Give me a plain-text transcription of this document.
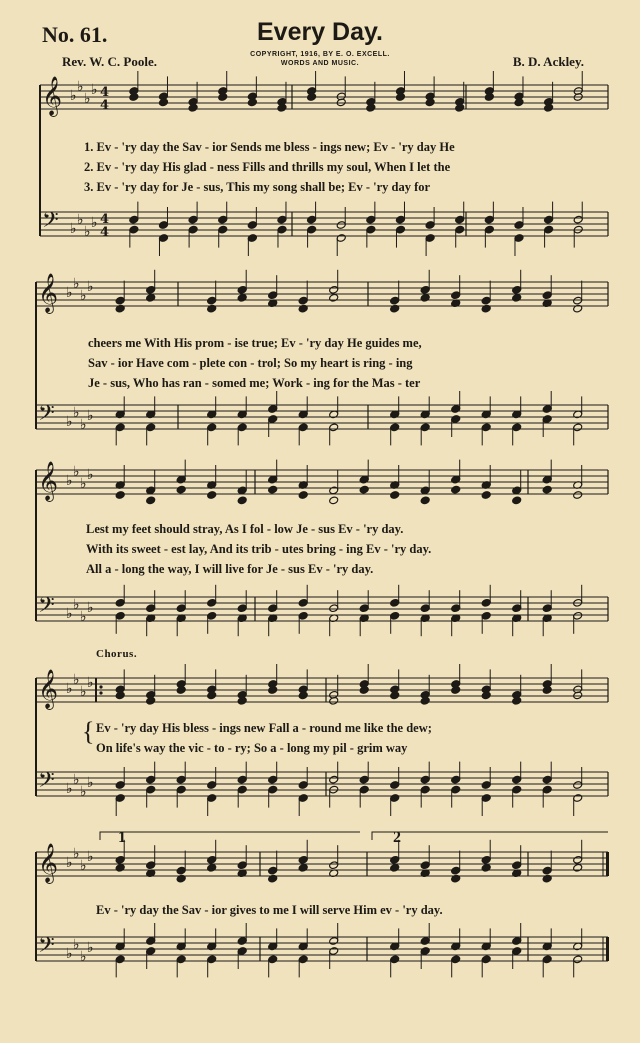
No. 61.	Every Day.
Rev. W. C. Poole.	B. D. Ackley.
COPYRIGHT, 1916, BY E. O. EXCELL.
WORDS AND MUSIC.
𝄞
𝄢
♭
♭
♭
♭
♭
♭
♭
♭
4
4
4
4
𝄞
𝄢
♭
♭
♭
♭
♭
♭
♭
♭
𝄞
𝄢
♭
♭
♭
♭
♭
♭
♭
♭
𝄞
𝄢
♭
♭
♭
♭
♭
♭
♭
♭
𝄞
𝄢
♭
♭
♭
♭
♭
♭
♭
♭
1. Ev - 'ry day the Sav - ior Sends me bless - ings new; Ev - 'ry day He
2. Ev - 'ry day His glad - ness Fills and thrills my soul, When I let the
3. Ev - 'ry day for Je - sus, This my song shall be; Ev - 'ry day for
cheers me With His prom - ise true; Ev - 'ry day He guides me,
Sav - ior Have com - plete con - trol; So my heart is ring - ing
Je - sus, Who has ran - somed me; Work - ing for the Mas - ter
Lest my feet should stray, As I fol - low Je - sus Ev - 'ry day.
With its sweet - est lay, And its trib - utes bring - ing Ev - 'ry day.
All a - long the way, I will live for Je - sus Ev - 'ry day.
Chorus.
{ Ev - 'ry day His bless - ings new Fall a - round me like the dew;
On life's way the vic - to - ry; So a - long my pil - grim way
1	2
Ev - 'ry day the Sav - ior gives to me I will serve Him ev - 'ry day.
